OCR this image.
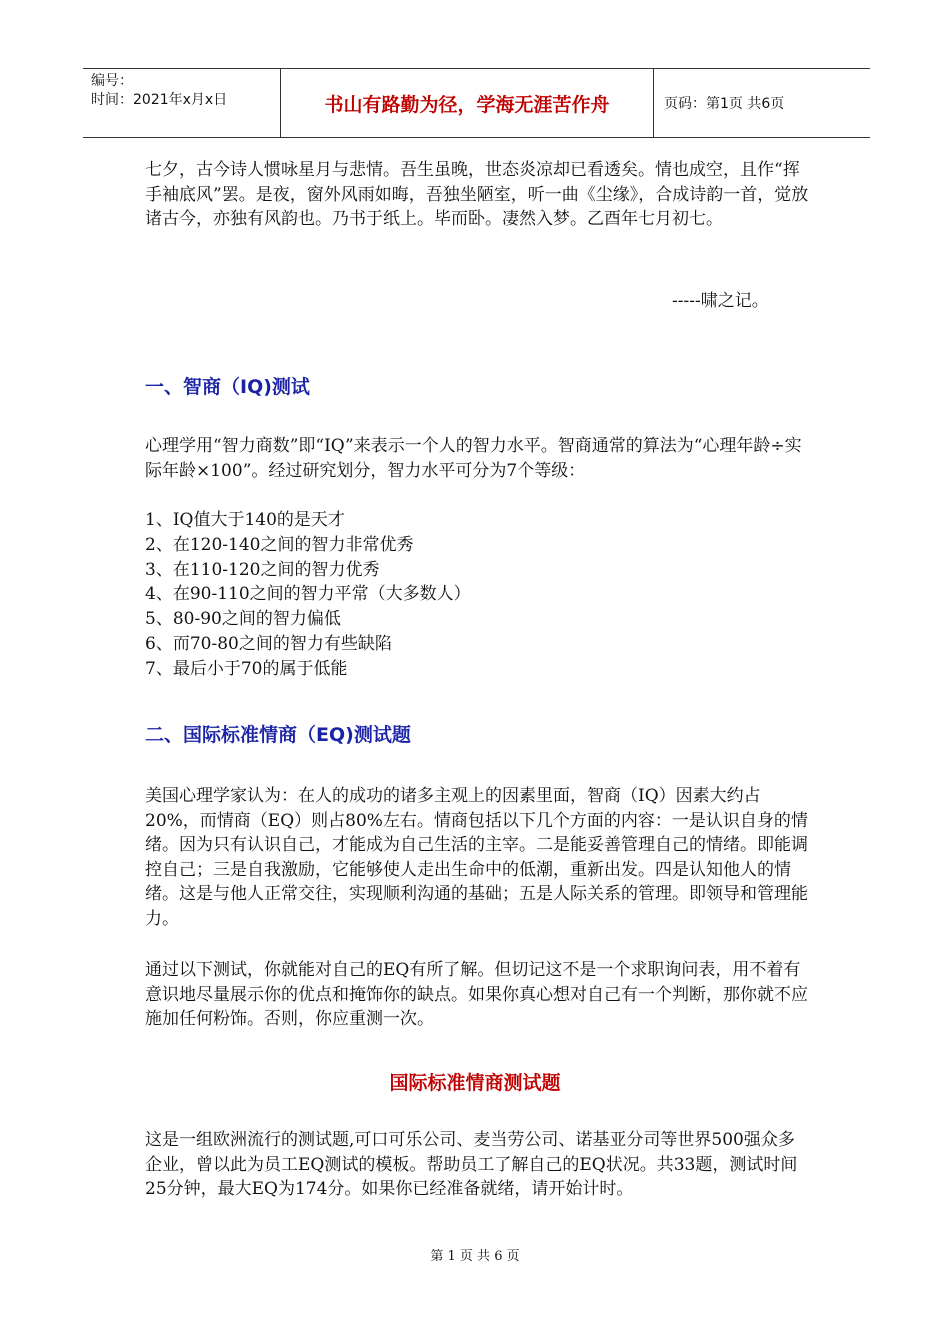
编号：
时间：2021年x月x日	书山有路勤为径，学海无涯苦作舟	页码：第1页 共6页

七夕，古今诗人惯咏星月与悲情。吾生虽晚，世态炎凉却已看透矣。情也成空，且作“挥手袖底风”罢。是夜，窗外风雨如晦，吾独坐陋室，听一曲《尘缘》，合成诗韵一首，觉放诸古今，亦独有风韵也。乃书于纸上。毕而卧。凄然入梦。乙酉年七月初七。

-----啸之记。
一、智商（IQ)测试

心理学用“智力商数”即“IQ”来表示一个人的智力水平。智商通常的算法为“心理年龄÷实际年龄×100”。经过研究划分，智力水平可分为7个等级：

1、IQ值大于140的是天才
2、在120-140之间的智力非常优秀
3、在110-120之间的智力优秀
4、在90-110之间的智力平常（大多数人）
5、80-90之间的智力偏低
6、而70-80之间的智力有些缺陷
7、最后小于70的属于低能
二、国际标准情商（EQ)测试题

美国心理学家认为：在人的成功的诸多主观上的因素里面，智商（IQ）因素大约占20%，而情商（EQ）则占80%左右。情商包括以下几个方面的内容：一是认识自身的情绪。因为只有认识自己，才能成为自己生活的主宰。二是能妥善管理自己的情绪。即能调控自己；三是自我激励，它能够使人走出生命中的低潮，重新出发。四是认知他人的情绪。这是与他人正常交往，实现顺利沟通的基础；五是人际关系的管理。即领导和管理能力。

通过以下测试，你就能对自己的EQ有所了解。但切记这不是一个求职询问表，用不着有意识地尽量展示你的优点和掩饰你的缺点。如果你真心想对自己有一个判断，那你就不应施加任何粉饰。否则，你应重测一次。

国际标准情商测试题

这是一组欧洲流行的测试题,可口可乐公司、麦当劳公司、诺基亚分司等世界500强众多企业，曾以此为员工EQ测试的模板。帮助员工了解自己的EQ状况。共33题，测试时间25分钟，最大EQ为174分。如果你已经准备就绪，请开始计时。

第 1 页 共 6 页
